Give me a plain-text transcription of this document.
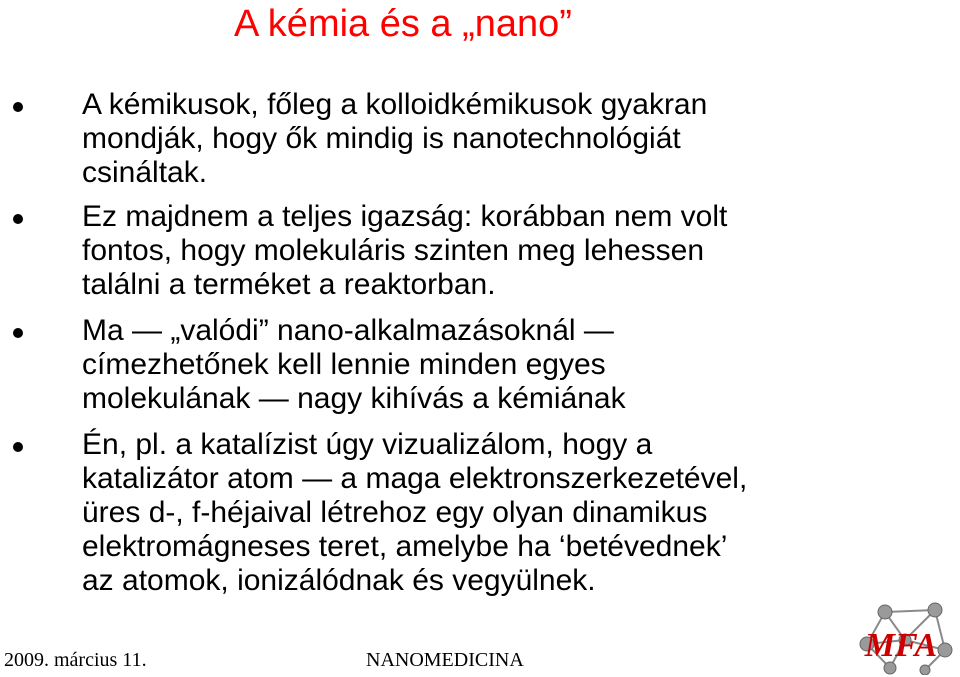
A kémia és a „nano”
A kémikusok, főleg a kolloidkémikusok gyakran
mondják, hogy ők mindig is nanotechnológiát
csináltak.
Ez majdnem a teljes igazság: korábban nem volt
fontos, hogy molekuláris szinten meg lehessen
találni a terméket a reaktorban.
Ma — „valódi” nano-alkalmazásoknál —
címezhetőnek kell lennie minden egyes
molekulának — nagy kihívás a kémiának
Én, pl. a katalízist úgy vizualizálom, hogy a
katalizátor atom — a maga elektronszerkezetével,
üres d-, f-héjaival létrehoz egy olyan dinamikus
elektromágneses teret, amelybe ha ‘betévednek’
az atomok, ionizálódnak és vegyülnek.
2009. március 11.	NANOMEDICINA	MFA
